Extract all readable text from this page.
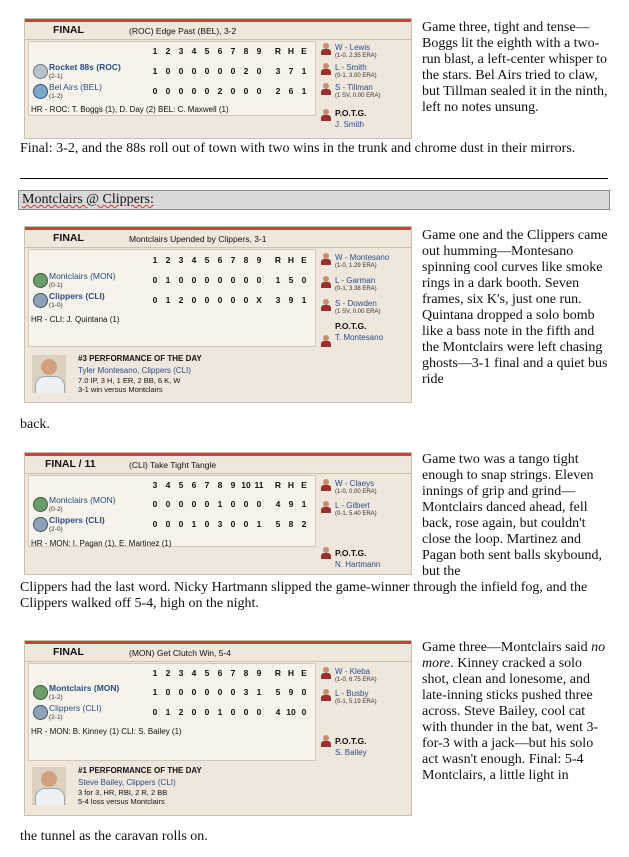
FINAL	(ROC) Edge Past (BEL), 3-2
1 2 3 4 5 6 7 8 9	R H E
Rocket 88s (ROC)
(2-1)
1 0 0 0 0 0 0 2 0	3 7 1
Bel Airs (BEL)
(1-2)
0 0 0 0 0 2 0 0 0	2 6 1
HR - ROC: T. Boggs (1), D. Day (2) BEL: C. Maxwell (1)
W - Lewis
(1-0, 2.35 ERA)
L - Smith
(0-1, 3.00 ERA)
S - Tillman
(1 SV, 0.00 ERA)
P.O.T.G.
J. Smith
Game three, tight and tense—Boggs lit the eighth with a two-run blast, a left-center whisper to the stars. Bel Airs tried to claw, but Tillman sealed it in the ninth, left no notes unsung.
Final: 3-2, and the 88s roll out of town with two wins in the trunk and chrome dust in their mirrors.
Montclairs @ Clippers:
FINAL	Montclairs Upended by Clippers, 3-1
1 2 3 4 5 6 7 8 9	R H E
Montclairs (MON)
(0-1)
0 1 0 0 0 0 0 0 0	1 5 0
Clippers (CLI)
(1-0)
0 1 2 0 0 0 0 0 X	3 9 1
HR - CLI: J. Quintana (1)
W - Montesano
(1-0, 1.29 ERA)
L - Garman
(0-1, 3.38 ERA)
S - Dowden
(1 SV, 0.00 ERA)
P.O.T.G.
T. Montesano
#3 PERFORMANCE OF THE DAY
Tyler Montesano, Clippers (CLI)
7.0 IP, 3 H, 1 ER, 2 BB, 6 K, W
3-1 win versus Montclairs
Game one and the Clippers came out humming—Montesano spinning cool curves like smoke rings in a dark booth. Seven frames, six K's, just one run. Quintana dropped a solo bomb like a bass note in the fifth and the Montclairs were left chasing ghosts—3-1 final and a quiet bus ride
back.
FINAL / 11	(CLI) Take Tight Tangle
3 4 5 6 7 8 9 10 11 R H E
Montclairs (MON)
(0-2)
0 0 0 0 0 1 0 0 0	4 9 1
Clippers (CLI)
(2-0)
0 0 0 1 0 3 0 0 1	5 8 2
HR - MON: I. Pagan (1), E. Martinez (1)
W - Claeys
(1-0, 0.00 ERA)
L - Gilbert
(0-1, 5.40 ERA)
P.O.T.G.
N. Hartmann
Game two was a tango tight enough to snap strings. Eleven innings of grip and grind—Montclairs danced ahead, fell back, rose again, but couldn't close the loop. Martinez and Pagan both sent balls skybound, but the
Clippers had the last word. Nicky Hartmann slipped the game-winner through the infield fog, and the Clippers walked off 5-4, high on the night.
FINAL	(MON) Get Clutch Win, 5-4
1 2 3 4 5 6 7 8 9	R H E
Montclairs (MON)
(1-2)
1 0 0 0 0 0 0 3 1	5 9 0
Clippers (CLI)
(2-1)
0 1 2 0 0 1 0 0 0	4 10 0
HR - MON: B. Kinney (1) CLI: S. Bailey (1)
W - Kleba
(1-0, 6.75 ERA)
L - Busby
(0-1, 5.19 ERA)
P.O.T.G.
S. Bailey
#1 PERFORMANCE OF THE DAY
Steve Bailey, Clippers (CLI)
3 for 3, HR, RBI, 2 R, 2 BB
5-4 loss versus Montclairs
Game three—Montclairs said no more. Kinney cracked a solo shot, clean and lonesome, and late-inning sticks pushed three across. Steve Bailey, cool cat with thunder in the bat, went 3-for-3 with a jack—but his solo act wasn't enough. Final: 5-4 Montclairs, a little light in
the tunnel as the caravan rolls on.
